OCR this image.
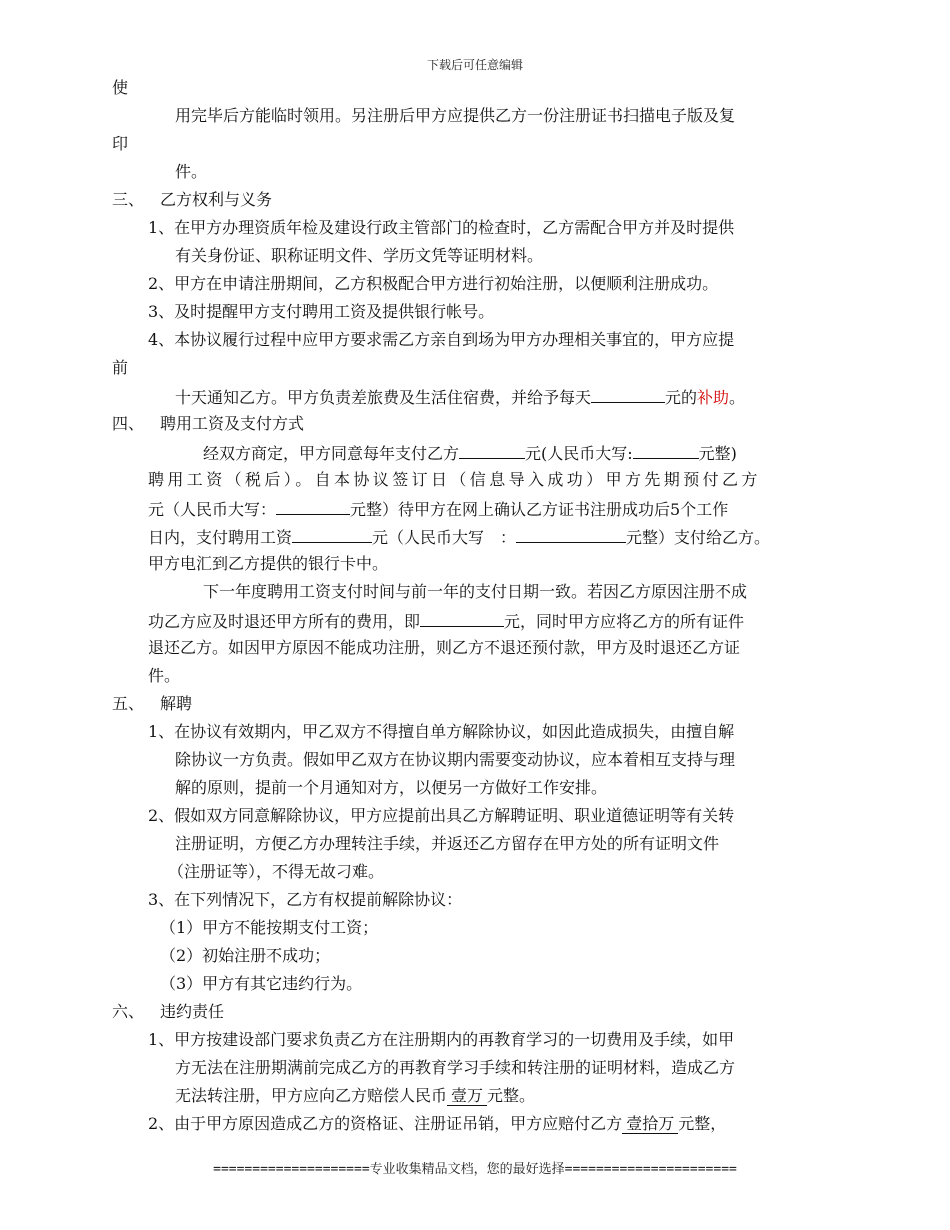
下载后可任意编辑
使
用完毕后方能临时领用。另注册后甲方应提供乙方一份注册证书扫描电子版及复
印
件。
三、 乙方权利与义务
1、在甲方办理资质年检及建设行政主管部门的检查时，乙方需配合甲方并及时提供
有关身份证、职称证明文件、学历文凭等证明材料。
2、甲方在申请注册期间，乙方积极配合甲方进行初始注册，以便顺利注册成功。
3、及时提醒甲方支付聘用工资及提供银行帐号。
4、本协议履行过程中应甲方要求需乙方亲自到场为甲方办理相关事宜的，甲方应提
前
十天通知乙方。甲方负责差旅费及生活住宿费，并给予每天	元的补助。
四、 聘用工资及支付方式
经双方商定，甲方同意每年支付乙方	元(人民币大写:	元整)
聘用工资（税后）。自本协议签订日（信息导入成功）甲方先期预付乙方
元（人民币大写：	元整）待甲方在网上确认乙方证书注册成功后5个工作
日内，支付聘用工资	元（人民币大写　：	元整）支付给乙方。
甲方电汇到乙方提供的银行卡中。
下一年度聘用工资支付时间与前一年的支付日期一致。若因乙方原因注册不成
功乙方应及时退还甲方所有的费用，即	元，同时甲方应将乙方的所有证件
退还乙方。如因甲方原因不能成功注册，则乙方不退还预付款，甲方及时退还乙方证
件。
五、 解聘
1、在协议有效期内，甲乙双方不得擅自单方解除协议，如因此造成损失，由擅自解
除协议一方负责。假如甲乙双方在协议期内需要变动协议，应本着相互支持与理
解的原则，提前一个月通知对方，以便另一方做好工作安排。
2、假如双方同意解除协议，甲方应提前出具乙方解聘证明、职业道德证明等有关转
注册证明，方便乙方办理转注手续，并返还乙方留存在甲方处的所有证明文件
（注册证等），不得无故刁难。
3、在下列情况下，乙方有权提前解除协议：
（1）甲方不能按期支付工资；
（2）初始注册不成功；
（3）甲方有其它违约行为。
六、 违约责任
1、甲方按建设部门要求负责乙方在注册期内的再教育学习的一切费用及手续，如甲
方无法在注册期满前完成乙方的再教育学习手续和转注册的证明材料，造成乙方
无法转注册，甲方应向乙方赔偿人民币 壹万 元整。
2、由于甲方原因造成乙方的资格证、注册证吊销，甲方应赔付乙方 壹拾万 元整，
====================专业收集精品文档，您的最好选择======================
